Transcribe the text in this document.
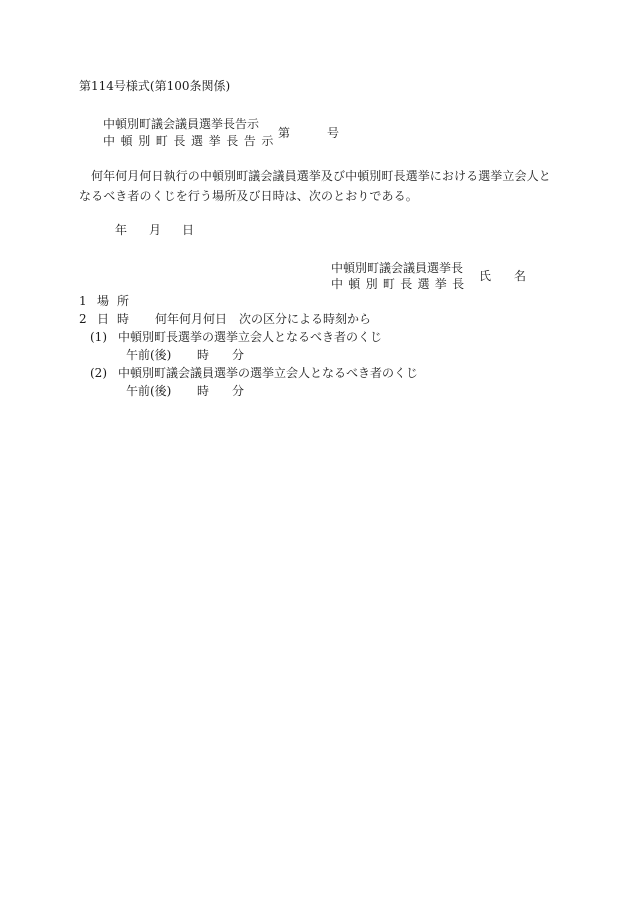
第114号様式(第100条関係)
中頓別町議会議員選挙長告示
中頓別町長選挙長告示
第	号
何年何月何日執行の中頓別町議会議員選挙及び中頓別町長選挙における選挙立会人となるべき者のくじを行う場所及び日時は、次のとおりである。
年 月 日
中頓別町議会議員選挙長
中頓別町長選挙長
氏 名
1 場所
2 日時 何年何月何日　次の区分による時刻から
(1) 中頓別町長選挙の選挙立会人となるべき者のくじ
午前(後) 時 分
(2) 中頓別町議会議員選挙の選挙立会人となるべき者のくじ
午前(後) 時 分
